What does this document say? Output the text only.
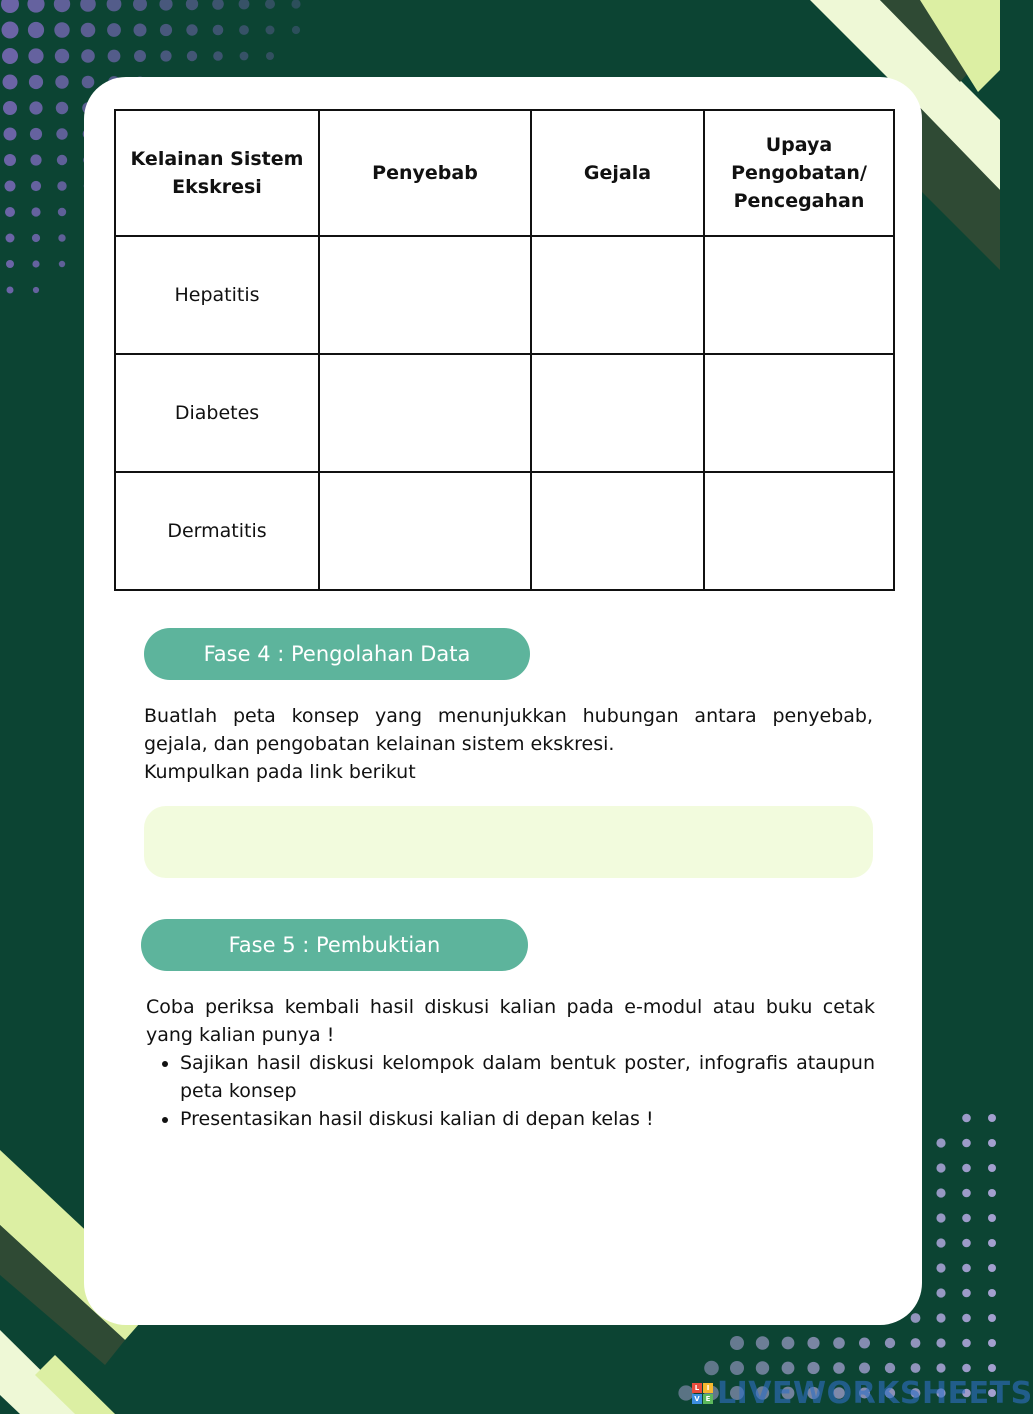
Kelainan Sistem Ekskresi	Penyebab	Gejala	Upaya Pengobatan/ Pencegahan
Hepatitis			
Diabetes			
Dermatitis			
Fase 4 : Pengolahan Data

Buatlah peta konsep yang menunjukkan hubungan antara penyebab, gejala, dan pengobatan kelainan sistem ekskresi.

Kumpulkan pada link berikut

Fase 5 : Pembuktian

Coba periksa kembali hasil diskusi kalian pada e-modul atau buku cetak yang kalian punya !

• Sajikan hasil diskusi kelompok dalam bentuk poster, infografis ataupun peta konsep
• Presentasikan hasil diskusi kalian di depan kelas !
L	I
V E LIVEWORKSHEETS
